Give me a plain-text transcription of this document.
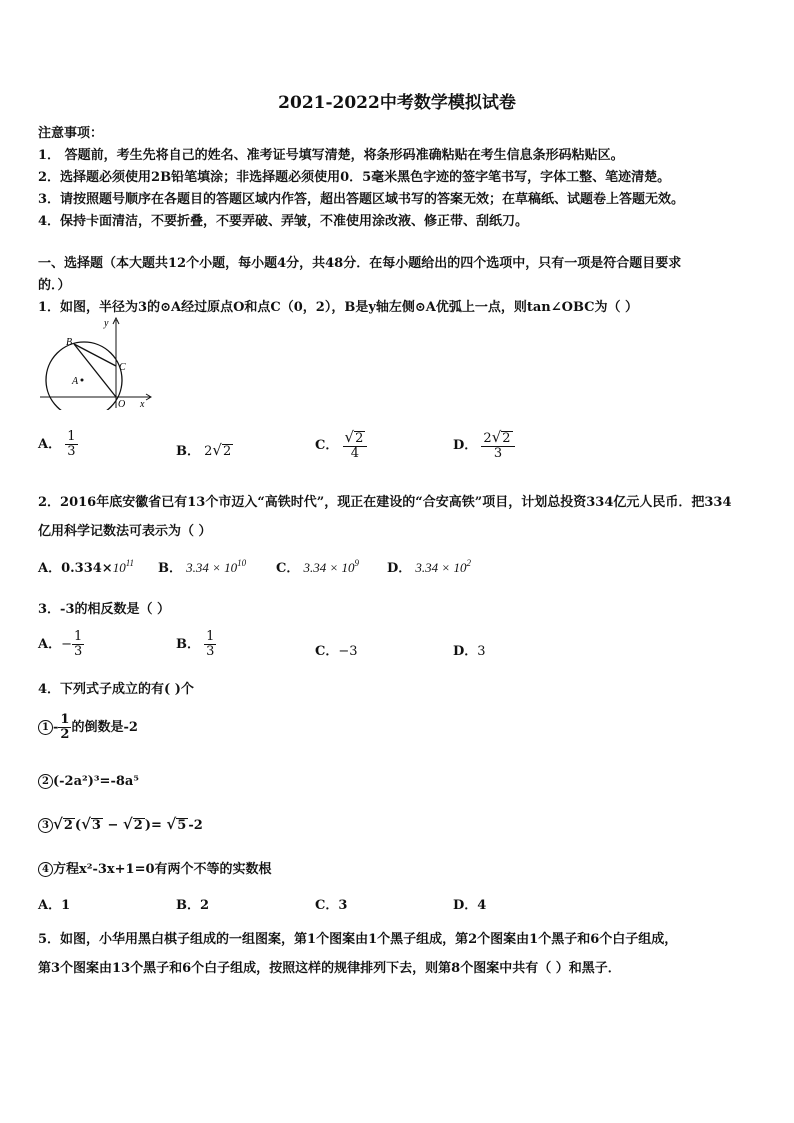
2021-2022中考数学模拟试卷
注意事项：
1． 答题前，考生先将自己的姓名、准考证号填写清楚，将条形码准确粘贴在考生信息条形码粘贴区。
2．选择题必须使用2B铅笔填涂；非选择题必须使用0．5毫米黑色字迹的签字笔书写，字体工整、笔迹清楚。
3．请按照题号顺序在各题目的答题区域内作答，超出答题区域书写的答案无效；在草稿纸、试题卷上答题无效。
4．保持卡面清洁，不要折叠，不要弄破、弄皱，不准使用涂改液、修正带、刮纸刀。
一、选择题（本大题共12个小题，每小题4分，共48分．在每小题给出的四个选项中，只有一项是符合题目要求
的．）
1．如图，半径为3的⊙A经过原点O和点C（0，2），B是y轴左侧⊙A优弧上一点，则tan∠OBC为（ ）
y
x
B
C
A
O
A． $\frac{1}{3}$	B． 2√2	C． $\frac{√2}{4}$	D． $\frac{2√2}{3}$
2．2016年底安徽省已有13个市迈入“高铁时代”，现正在建设的“合安高铁”项目，计划总投资334亿元人民币．把334
亿用科学记数法可表示为（ ）
A．$0.334\times 10^{11}$ B． $3.34 \times 10^{10}$ C． $3.34 \times 10^9$ D． $3.34 \times 10^2$
3．-3的相反数是（ ）
A．− $\frac{1}{3}$	B． $\frac{1}{3}$	C．−3	D．3
4．下列式子成立的有( )个
$1 - \frac{1}{2}$ 的倒数是-2
2 (-2a²)³=-8a⁵
3 √2 (√3 − √2 )= √5 -2
4 方程x²-3x+1=0有两个不等的实数根
A．1	B．2	C．3	D．4
5．如图，小华用黑白棋子组成的一组图案，第1个图案由1个黑子组成，第2个图案由1个黑子和6个白子组成，
第3个图案由13个黑子和6个白子组成，按照这样的规律排列下去，则第8个图案中共有（ ）和黑子．
